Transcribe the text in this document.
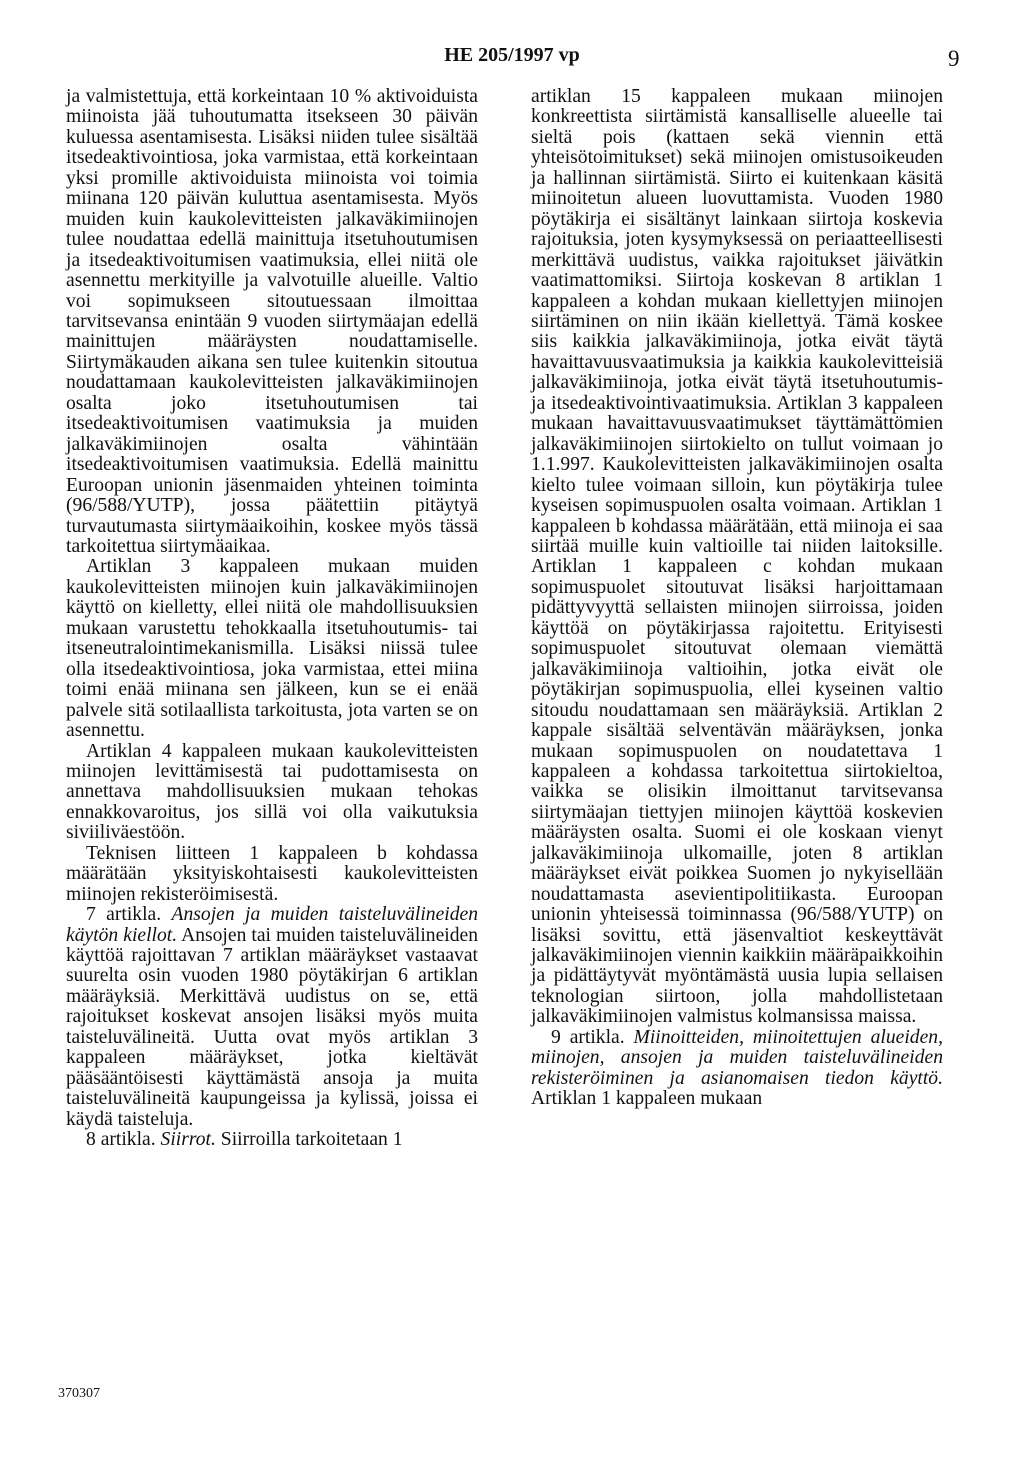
HE 205/1997 vp	9

ja valmistettuja, että korkeintaan 10 % aktivoiduista miinoista jää tuhoutumatta itsekseen 30 päivän kuluessa asentamisesta. Lisäksi niiden tulee sisältää itsedeaktivointiosa, joka varmistaa, että korkeintaan yksi promille aktivoiduista miinoista voi toimia miinana 120 päivän kuluttua asentamisesta. Myös muiden kuin kaukolevitteisten jalkaväkimiinojen tulee noudattaa edellä mainittuja itsetuhoutumisen ja itsedeaktivoitumisen vaatimuksia, ellei niitä ole asennettu merkityille ja valvotuille alueille. Valtio voi sopimukseen sitoutuessaan ilmoittaa tarvitsevansa enintään 9 vuoden siirtymäajan edellä mainittujen määräysten noudattamiselle. Siirtymäkauden aikana sen tulee kuitenkin sitoutua noudattamaan kaukolevitteisten jalkaväkimiinojen osalta joko itsetuhoutumisen tai itsedeaktivoitumisen vaatimuksia ja muiden jalkaväkimiinojen osalta vähintään itsedeaktivoitumisen vaatimuksia. Edellä mainittu Euroopan unionin jäsenmaiden yhteinen toiminta (96/588/YUTP), jossa päätettiin pitäytyä turvautumasta siirtymäaikoihin, koskee myös tässä tarkoitettua siirtymäaikaa.

Artiklan 3 kappaleen mukaan muiden kaukolevitteisten miinojen kuin jalkaväkimiinojen käyttö on kielletty, ellei niitä ole mahdollisuuksien mukaan varustettu tehokkaalla itsetuhoutumis- tai itseneutralointimekanismilla. Lisäksi niissä tulee olla itsedeaktivointiosa, joka varmistaa, ettei miina toimi enää miinana sen jälkeen, kun se ei enää palvele sitä sotilaallista tarkoitusta, jota varten se on asennettu.

Artiklan 4 kappaleen mukaan kaukolevitteisten miinojen levittämisestä tai pudottamisesta on annettava mahdollisuuksien mukaan tehokas ennakkovaroitus, jos sillä voi olla vaikutuksia siviiliväestöön.

Teknisen liitteen 1 kappaleen b kohdassa määrätään yksityiskohtaisesti kaukolevitteisten miinojen rekisteröimisestä.

7 artikla. Ansojen ja muiden taisteluvälineiden käytön kiellot. Ansojen tai muiden taisteluvälineiden käyttöä rajoittavan 7 artiklan määräykset vastaavat suurelta osin vuoden 1980 pöytäkirjan 6 artiklan määräyksiä. Merkittävä uudistus on se, että rajoitukset koskevat ansojen lisäksi myös muita taisteluvälineitä. Uutta ovat myös artiklan 3 kappaleen määräykset, jotka kieltävät pääsääntöisesti käyttämästä ansoja ja muita taisteluvälineitä kaupungeissa ja kylissä, joissa ei käydä taisteluja.

8 artikla. Siirrot. Siirroilla tarkoitetaan 1

artiklan 15 kappaleen mukaan miinojen konkreettista siirtämistä kansalliselle alueelle tai sieltä pois (kattaen sekä viennin että yhteisötoimitukset) sekä miinojen omistusoikeuden ja hallinnan siirtämistä. Siirto ei kuitenkaan käsitä miinoitetun alueen luovuttamista. Vuoden 1980 pöytäkirja ei sisältänyt lainkaan siirtoja koskevia rajoituksia, joten kysymyksessä on periaatteellisesti merkittävä uudistus, vaikka rajoitukset jäivätkin vaatimattomiksi. Siirtoja koskevan 8 artiklan 1 kappaleen a kohdan mukaan kiellettyjen miinojen siirtäminen on niin ikään kiellettyä. Tämä koskee siis kaikkia jalkaväkimiinoja, jotka eivät täytä havaittavuusvaatimuksia ja kaikkia kaukolevitteisiä jalkaväkimiinoja, jotka eivät täytä itsetuhoutumis- ja itsedeaktivointivaatimuksia. Artiklan 3 kappaleen mukaan havaittavuusvaatimukset täyttämättömien jalkaväkimiinojen siirtokielto on tullut voimaan jo 1.1.997. Kaukolevitteisten jalkaväkimiinojen osalta kielto tulee voimaan silloin, kun pöytäkirja tulee kyseisen sopimuspuolen osalta voimaan. Artiklan 1 kappaleen b kohdassa määrätään, että miinoja ei saa siirtää muille kuin valtioille tai niiden laitoksille. Artiklan 1 kappaleen c kohdan mukaan sopimuspuolet sitoutuvat lisäksi harjoittamaan pidättyvyyttä sellaisten miinojen siirroissa, joiden käyttöä on pöytäkirjassa rajoitettu. Erityisesti sopimuspuolet sitoutuvat olemaan viemättä jalkaväkimiinoja valtioihin, jotka eivät ole pöytäkirjan sopimuspuolia, ellei kyseinen valtio sitoudu noudattamaan sen määräyksiä. Artiklan 2 kappale sisältää selventävän määräyksen, jonka mukaan sopimuspuolen on noudatettava 1 kappaleen a kohdassa tarkoitettua siirtokieltoa, vaikka se olisikin ilmoittanut tarvitsevansa siirtymäajan tiettyjen miinojen käyttöä koskevien määräysten osalta. Suomi ei ole koskaan vienyt jalkaväkimiinoja ulkomaille, joten 8 artiklan määräykset eivät poikkea Suomen jo nykyisellään noudattamasta asevientipolitiikasta. Euroopan unionin yhteisessä toiminnassa (96/588/YUTP) on lisäksi sovittu, että jäsenvaltiot keskeyttävät jalkaväkimiinojen viennin kaikkiin määräpaikkoihin ja pidättäytyvät myöntämästä uusia lupia sellaisen teknologian siirtoon, jolla mahdollistetaan jalkaväkimiinojen valmistus kolmansissa maissa.

9 artikla. Miinoitteiden, miinoitettujen alueiden, miinojen, ansojen ja muiden taisteluvälineiden rekisteröiminen ja asianomaisen tiedon käyttö. Artiklan 1 kappaleen mukaan

370307
